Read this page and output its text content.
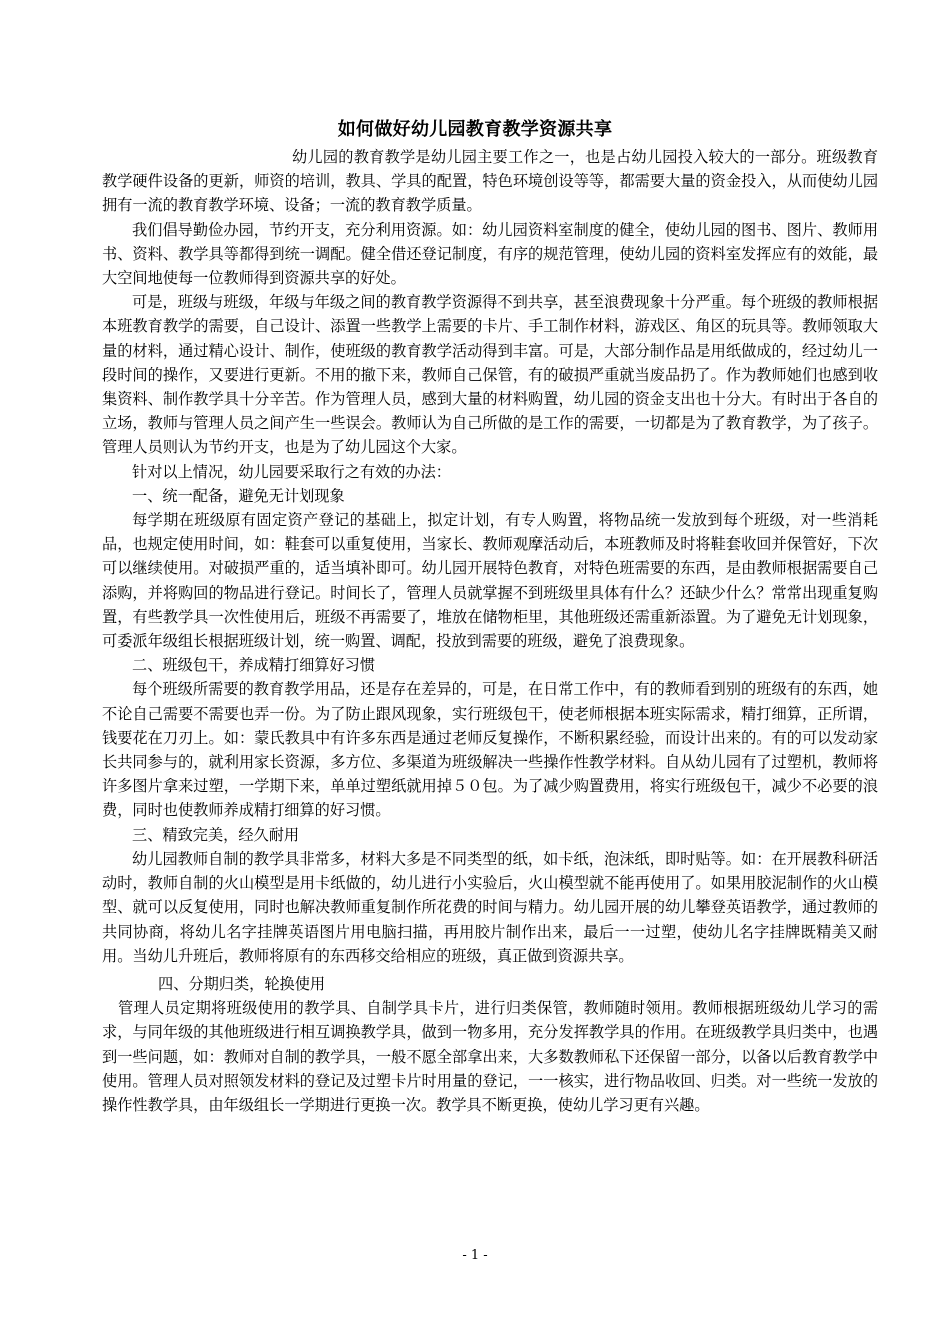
如何做好幼儿园教育教学资源共享

幼儿园的教育教学是幼儿园主要工作之一，也是占幼儿园投入较大的一部分。班级教育教学硬件设备的更新，师资的培训，教具、学具的配置，特色环境创设等等，都需要大量的资金投入，从而使幼儿园拥有一流的教育教学环境、设备；一流的教育教学质量。

我们倡导勤俭办园，节约开支，充分利用资源。如：幼儿园资料室制度的健全，使幼儿园的图书、图片、教师用书、资料、教学具等都得到统一调配。健全借还登记制度，有序的规范管理，使幼儿园的资料室发挥应有的效能，最大空间地使每一位教师得到资源共享的好处。

可是，班级与班级，年级与年级之间的教育教学资源得不到共享，甚至浪费现象十分严重。每个班级的教师根据本班教育教学的需要，自己设计、添置一些教学上需要的卡片、手工制作材料，游戏区、角区的玩具等。教师领取大量的材料，通过精心设计、制作，使班级的教育教学活动得到丰富。可是，大部分制作品是用纸做成的，经过幼儿一段时间的操作，又要进行更新。不用的撤下来，教师自己保管，有的破损严重就当废品扔了。作为教师她们也感到收集资料、制作教学具十分辛苦。作为管理人员，感到大量的材料购置，幼儿园的资金支出也十分大。有时出于各自的立场，教师与管理人员之间产生一些误会。教师认为自己所做的是工作的需要，一切都是为了教育教学，为了孩子。管理人员则认为节约开支，也是为了幼儿园这个大家。

针对以上情况，幼儿园要采取行之有效的办法：

一、统一配备，避免无计划现象

每学期在班级原有固定资产登记的基础上，拟定计划，有专人购置，将物品统一发放到每个班级，对一些消耗品，也规定使用时间，如：鞋套可以重复使用，当家长、教师观摩活动后，本班教师及时将鞋套收回并保管好，下次可以继续使用。对破损严重的，适当填补即可。幼儿园开展特色教育，对特色班需要的东西，是由教师根据需要自己添购，并将购回的物品进行登记。时间长了，管理人员就掌握不到班级里具体有什么？还缺少什么？常常出现重复购置，有些教学具一次性使用后，班级不再需要了，堆放在储物柜里，其他班级还需重新添置。为了避免无计划现象，可委派年级组长根据班级计划，统一购置、调配，投放到需要的班级，避免了浪费现象。

二、班级包干，养成精打细算好习惯

每个班级所需要的教育教学用品，还是存在差异的，可是，在日常工作中，有的教师看到别的班级有的东西，她不论自己需要不需要也弄一份。为了防止跟风现象，实行班级包干，使老师根据本班实际需求，精打细算，正所谓，钱要花在刀刃上。如：蒙氏教具中有许多东西是通过老师反复操作，不断积累经验，而设计出来的。有的可以发动家长共同参与的，就利用家长资源，多方位、多渠道为班级解决一些操作性教学材料。自从幼儿园有了过塑机，教师将许多图片拿来过塑，一学期下来，单单过塑纸就用掉５０包。为了减少购置费用，将实行班级包干，减少不必要的浪费，同时也使教师养成精打细算的好习惯。

三、精致完美，经久耐用

幼儿园教师自制的教学具非常多，材料大多是不同类型的纸，如卡纸，泡沫纸，即时贴等。如：在开展教科研活动时，教师自制的火山模型是用卡纸做的，幼儿进行小实验后，火山模型就不能再使用了。如果用胶泥制作的火山模型、就可以反复使用，同时也解决教师重复制作所花费的时间与精力。幼儿园开展的幼儿攀登英语教学，通过教师的共同协商，将幼儿名字挂牌英语图片用电脑扫描，再用胶片制作出来，最后一一过塑，使幼儿名字挂牌既精美又耐用。当幼儿升班后，教师将原有的东西移交给相应的班级，真正做到资源共享。

四、分期归类，轮换使用

管理人员定期将班级使用的教学具、自制学具卡片，进行归类保管，教师随时领用。教师根据班级幼儿学习的需求，与同年级的其他班级进行相互调换教学具，做到一物多用，充分发挥教学具的作用。在班级教学具归类中，也遇到一些问题，如：教师对自制的教学具，一般不愿全部拿出来，大多数教师私下还保留一部分，以备以后教育教学中使用。管理人员对照领发材料的登记及过塑卡片时用量的登记，一一核实，进行物品收回、归类。对一些统一发放的操作性教学具，由年级组长一学期进行更换一次。教学具不断更换，使幼儿学习更有兴趣。

- 1 -
